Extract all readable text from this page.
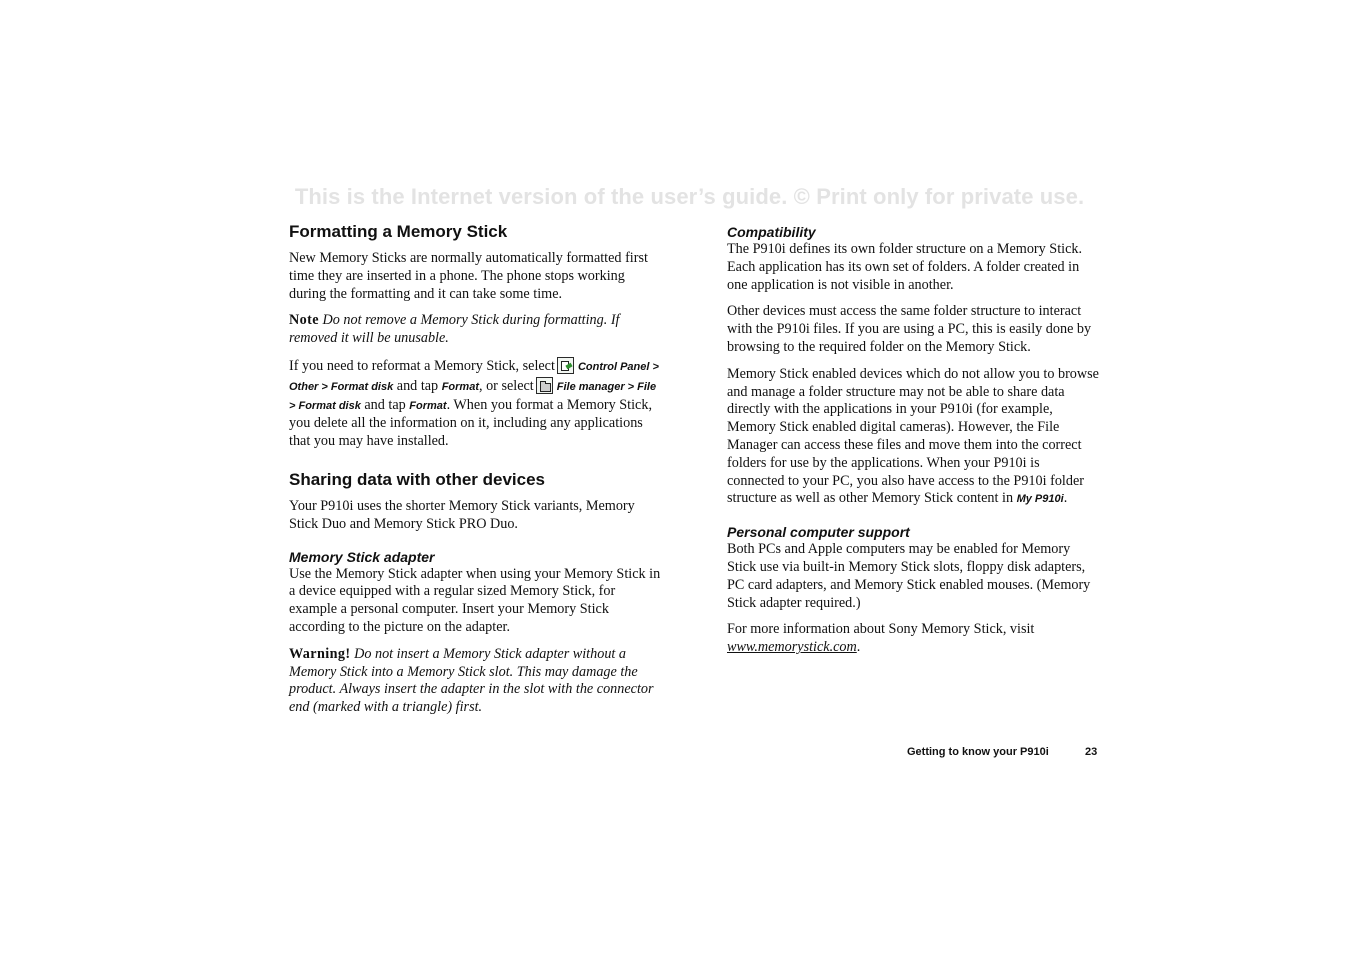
This is the Internet version of the user’s guide. © Print only for private use.
Formatting a Memory Stick

New Memory Sticks are normally automatically formatted first time they are inserted in a phone. The phone stops working during the formatting and it can take some time.

Note Do not remove a Memory Stick during formatting. If removed it will be unusable.

If you need to reformat a Memory Stick, select Control Panel > Other > Format disk and tap Format, or select File manager > File > Format disk and tap Format. When you format a Memory Stick, you delete all the information on it, including any applications that you may have installed.

Sharing data with other devices

Your P910i uses the shorter Memory Stick variants, Memory Stick Duo and Memory Stick PRO Duo.

Memory Stick adapter

Use the Memory Stick adapter when using your Memory Stick in a device equipped with a regular sized Memory Stick, for example a personal computer. Insert your Memory Stick according to the picture on the adapter.

Warning! Do not insert a Memory Stick adapter without a Memory Stick into a Memory Stick slot. This may damage the product. Always insert the adapter in the slot with the connector end (marked with a triangle) first.

Compatibility

The P910i defines its own folder structure on a Memory Stick. Each application has its own set of folders. A folder created in one application is not visible in another.

Other devices must access the same folder structure to interact with the P910i files. If you are using a PC, this is easily done by browsing to the required folder on the Memory Stick.

Memory Stick enabled devices which do not allow you to browse and manage a folder structure may not be able to share data directly with the applications in your P910i (for example, Memory Stick enabled digital cameras). However, the File Manager can access these files and move them into the correct folders for use by the applications. When your P910i is connected to your PC, you also have access to the P910i folder structure as well as other Memory Stick content in My P910i.

Personal computer support

Both PCs and Apple computers may be enabled for Memory Stick use via built-in Memory Stick slots, floppy disk adapters, PC card adapters, and Memory Stick enabled mouses. (Memory Stick adapter required.)

For more information about Sony Memory Stick, visit www.memorystick.com.

Getting to know your P910i	23
